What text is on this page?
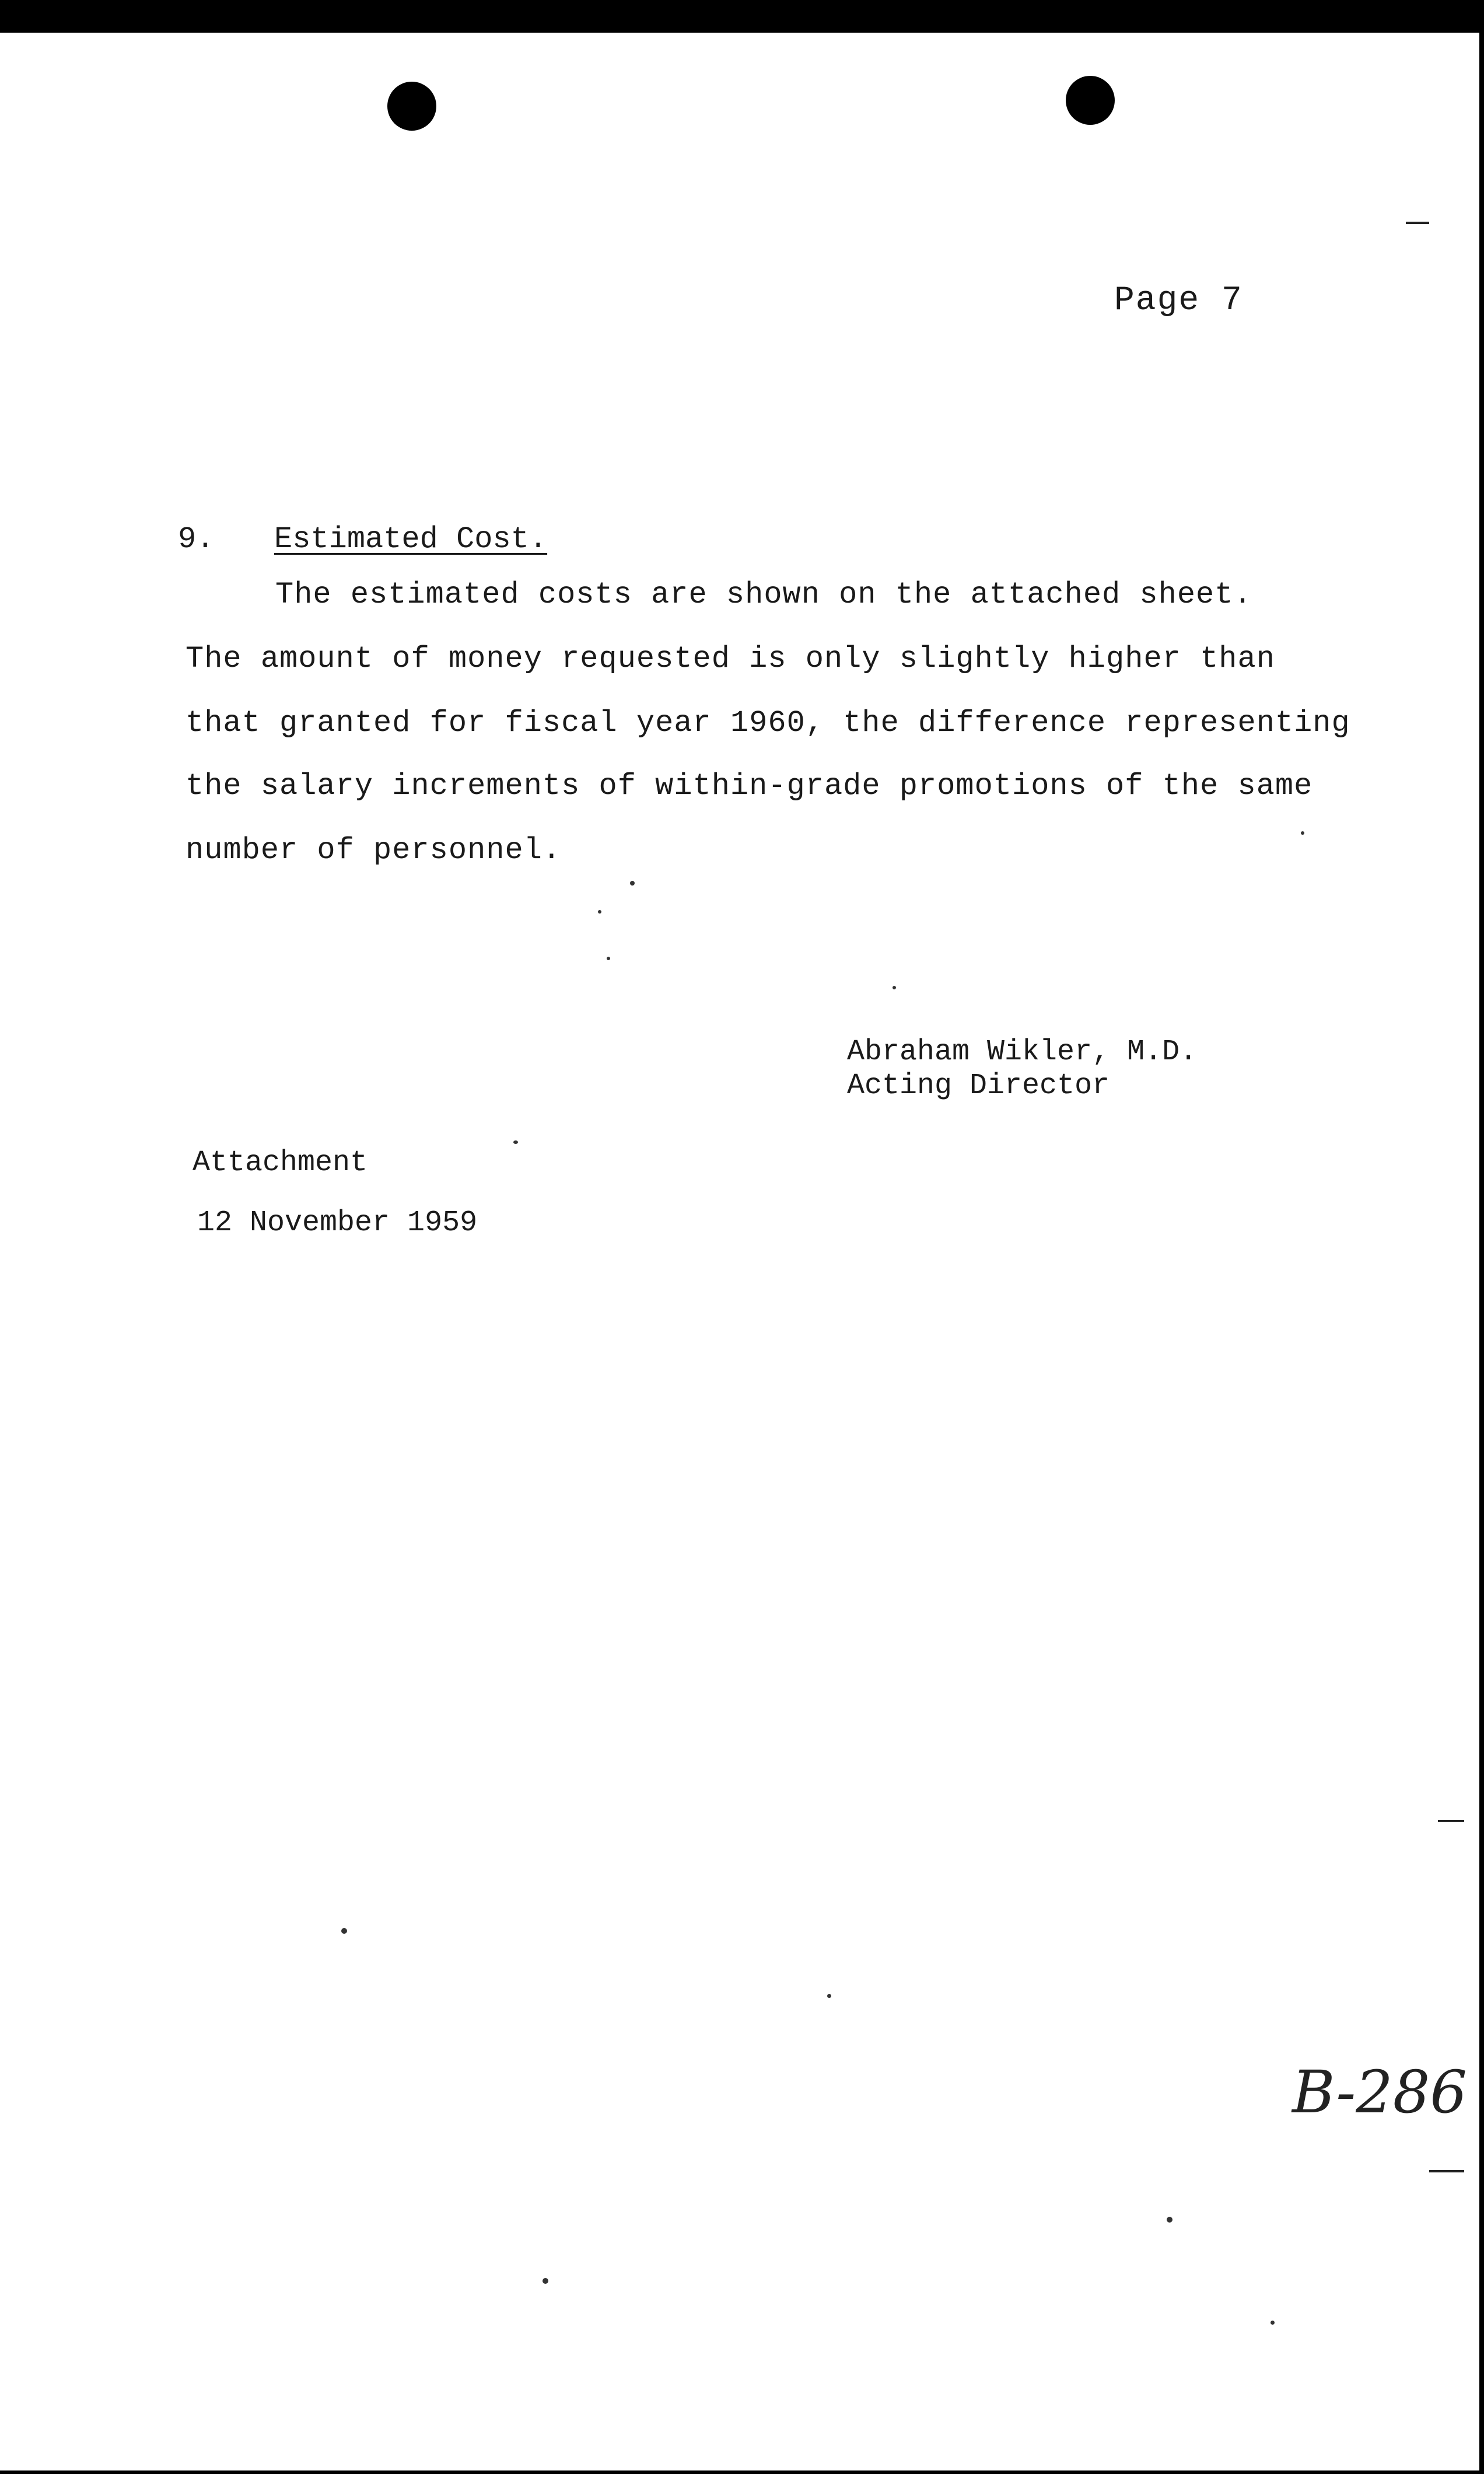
Page 7
9. Estimated Cost.
The estimated costs are shown on the attached sheet.
The amount of money requested is only slightly higher than
that granted for fiscal year 1960, the difference representing
the salary increments of within-grade promotions of the same
number of personnel.
Abraham Wikler, M.D.
Acting Director
Attachment
12 November 1959
B-286
